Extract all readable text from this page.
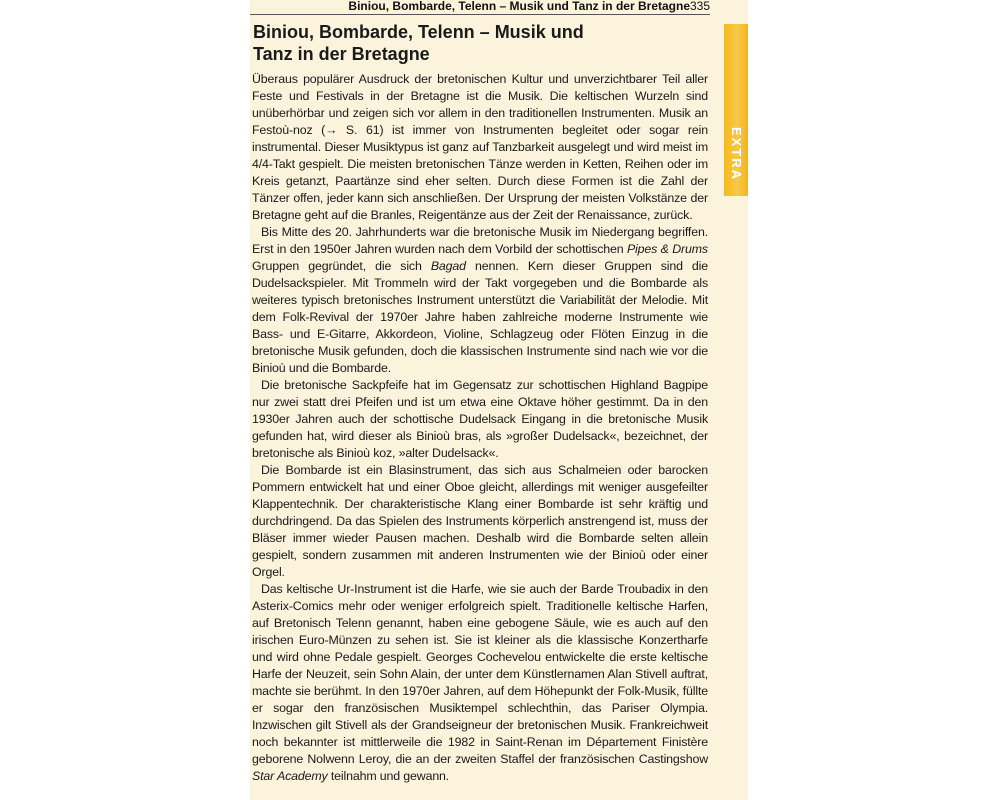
Biniou, Bombarde, Telenn – Musik und Tanz in der Bretagne 335
Biniou, Bombarde, Telenn – Musik und
Tanz in der Bretagne

Überaus populärer Ausdruck der bretonischen Kultur und unverzichtbarer Teil aller Feste und Festivals in der Bretagne ist die Musik. Die keltischen Wurzeln sind unüberhörbar und zeigen sich vor allem in den traditionellen Instrumenten. Musik an Festoù-noz (→ S. 61) ist immer von Instrumenten begleitet oder sogar rein instrumental. Dieser Musiktypus ist ganz auf Tanzbarkeit ausgelegt und wird meist im 4/4-Takt gespielt. Die meisten bretonischen Tänze werden in Ketten, Reihen oder im Kreis getanzt, Paartänze sind eher selten. Durch diese Formen ist die Zahl der Tänzer offen, jeder kann sich anschließen. Der Ursprung der meisten Volkstänze der Bretagne geht auf die Branles, Reigentänze aus der Zeit der Renaissance, zurück.

Bis Mitte des 20. Jahrhunderts war die bretonische Musik im Niedergang begriffen. Erst in den 1950er Jahren wurden nach dem Vorbild der schottischen Pipes & Drums Gruppen gegründet, die sich Bagad nennen. Kern dieser Gruppen sind die Dudelsackspieler. Mit Trommeln wird der Takt vorgegeben und die Bombarde als weiteres typisch bretonisches Instrument unterstützt die Variabilität der Melodie. Mit dem Folk-Revival der 1970er Jahre haben zahlreiche moderne Instrumente wie Bass- und E-Gitarre, Akkordeon, Violine, Schlagzeug oder Flöten Einzug in die bretonische Musik gefunden, doch die klassischen Instrumente sind nach wie vor die Binioù und die Bombarde.

Die bretonische Sackpfeife hat im Gegensatz zur schottischen Highland Bagpipe nur zwei statt drei Pfeifen und ist um etwa eine Oktave höher gestimmt. Da in den 1930er Jahren auch der schottische Dudelsack Eingang in die bretonische Musik gefunden hat, wird dieser als Binioù bras, als »großer Dudelsack«, bezeichnet, der bretonische als Binioù koz, »alter Dudelsack«.

Die Bombarde ist ein Blasinstrument, das sich aus Schalmeien oder barocken Pommern entwickelt hat und einer Oboe gleicht, allerdings mit weniger ausgefeilter Klappentechnik. Der charakteristische Klang einer Bombarde ist sehr kräftig und durchdringend. Da das Spielen des Instruments körperlich anstrengend ist, muss der Bläser immer wieder Pausen machen. Deshalb wird die Bombarde selten allein gespielt, sondern zusammen mit anderen Instrumenten wie der Binioù oder einer Orgel.

Das keltische Ur-Instrument ist die Harfe, wie sie auch der Barde Troubadix in den Asterix-Comics mehr oder weniger erfolgreich spielt. Traditionelle keltische Harfen, auf Bretonisch Telenn genannt, haben eine gebogene Säule, wie es auch auf den irischen Euro-Münzen zu sehen ist. Sie ist kleiner als die klassische Konzertharfe und wird ohne Pedale gespielt. Georges Cochevelou entwickelte die erste keltische Harfe der Neuzeit, sein Sohn Alain, der unter dem Künstlernamen Alan Stivell auftrat, machte sie berühmt. In den 1970er Jahren, auf dem Höhepunkt der Folk-Musik, füllte er sogar den französischen Musiktempel schlechthin, das Pariser Olympia. Inzwischen gilt Stivell als der Grandseigneur der bretonischen Musik. Frankreichweit noch bekannter ist mittlerweile die 1982 in Saint-Renan im Département Finistère geborene Nolwenn Leroy, die an der zweiten Staffel der französischen Castingshow Star Academy teilnahm und gewann.

EXTRA
